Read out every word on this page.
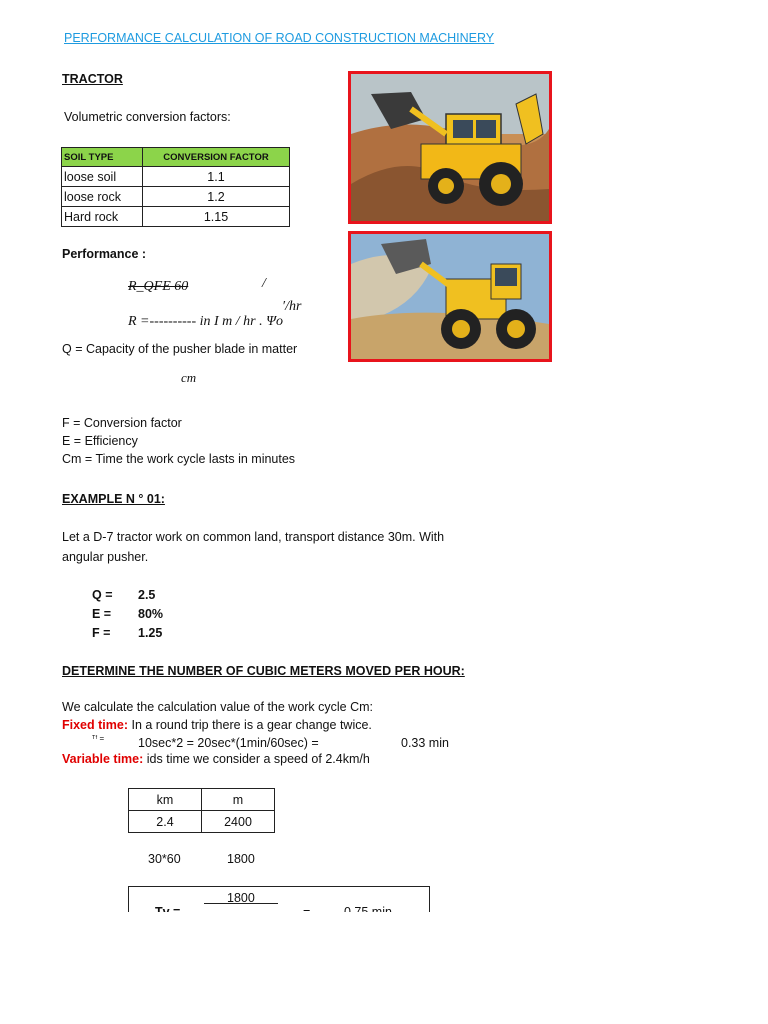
PERFORMANCE CALCULATION OF ROAD CONSTRUCTION MACHINERY
TRACTOR
Volumetric conversion factors:
SOIL TYPE	CONVERSION FACTOR
loose soil	1.1
loose rock	1.2
Hard rock	1.15
Performance :
R_QFE 60	/
′/hr
R =---------- in I m / hr . Ψo
Q = Capacity of the pusher blade in matter
cm
F = Conversion factor
E = Efficiency
Cm = Time the work cycle lasts in minutes
EXAMPLE N ° 01:
Let a D-7 tractor work on common land, transport distance 30m. With
angular pusher.
Q = 2.5
E = 80%
F = 1.25
DETERMINE THE NUMBER OF CUBIC METERS MOVED PER HOUR:
We calculate the calculation value of the work cycle Cm:
Fixed time: In a round trip there is a gear change twice.
ᵀᶠ =	10sec*2 = 20sec*(1min/60sec) =	0.33 min
Variable time: ids time we consider a speed of 2.4km/h
km	m
2.4	2400
30*60	1800
1800
